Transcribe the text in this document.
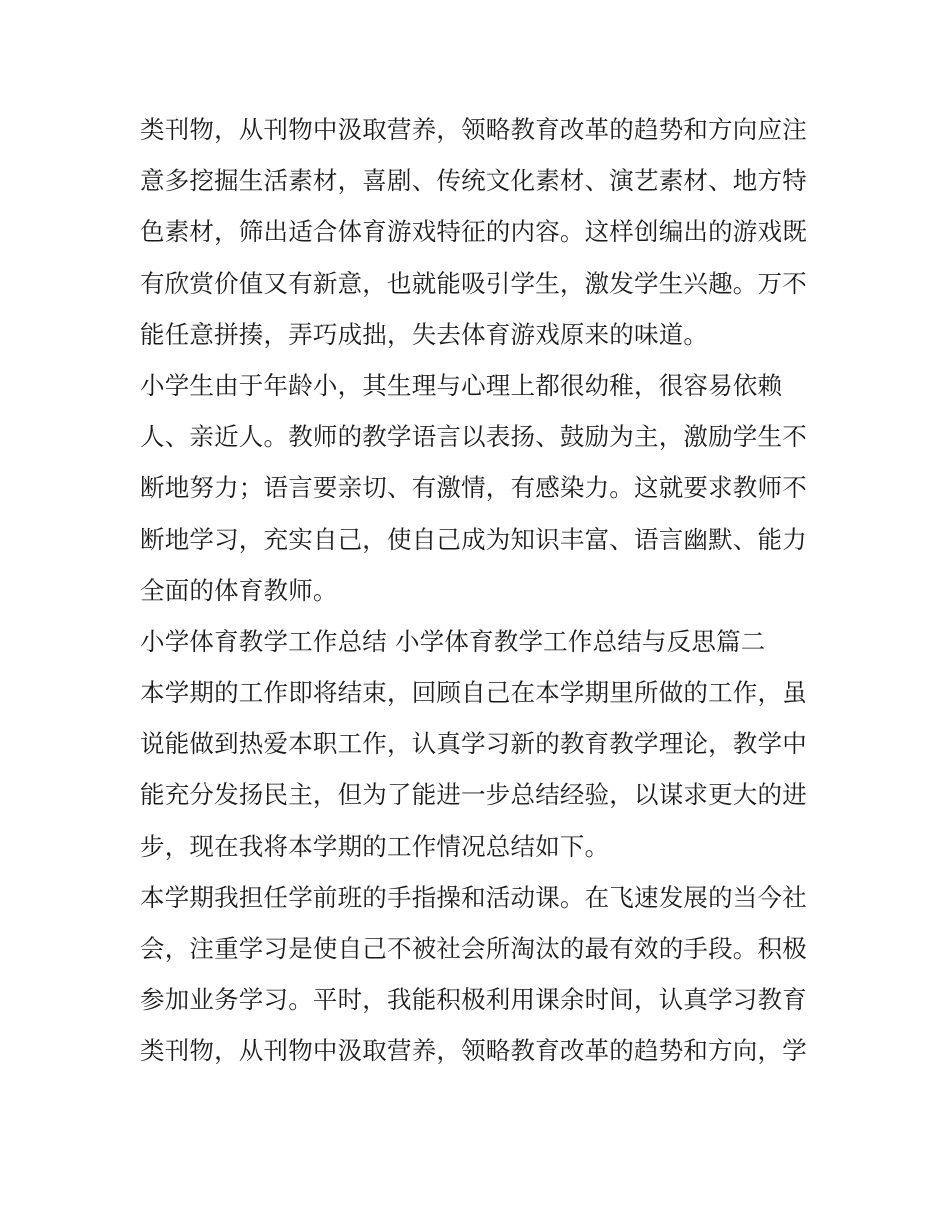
类刊物，从刊物中汲取营养，领略教育改革的趋势和方向应注
意多挖掘生活素材，喜剧、传统文化素材、演艺素材、地方特
色素材，筛出适合体育游戏特征的内容。这样创编出的游戏既
有欣赏价值又有新意，也就能吸引学生，激发学生兴趣。万不
能任意拼揍，弄巧成拙，失去体育游戏原来的味道。
小学生由于年龄小，其生理与心理上都很幼稚，很容易依赖
人、亲近人。教师的教学语言以表扬、鼓励为主，激励学生不
断地努力；语言要亲切、有激情，有感染力。这就要求教师不
断地学习，充实自己，使自己成为知识丰富、语言幽默、能力
全面的体育教师。
小学体育教学工作总结 小学体育教学工作总结与反思篇二
本学期的工作即将结束，回顾自己在本学期里所做的工作，虽
说能做到热爱本职工作，认真学习新的教育教学理论，教学中
能充分发扬民主，但为了能进一步总结经验，以谋求更大的进
步，现在我将本学期的工作情况总结如下。
本学期我担任学前班的手指操和活动课。在飞速发展的当今社
会，注重学习是使自己不被社会所淘汰的最有效的手段。积极
参加业务学习。平时，我能积极利用课余时间，认真学习教育
类刊物，从刊物中汲取营养，领略教育改革的趋势和方向，学
